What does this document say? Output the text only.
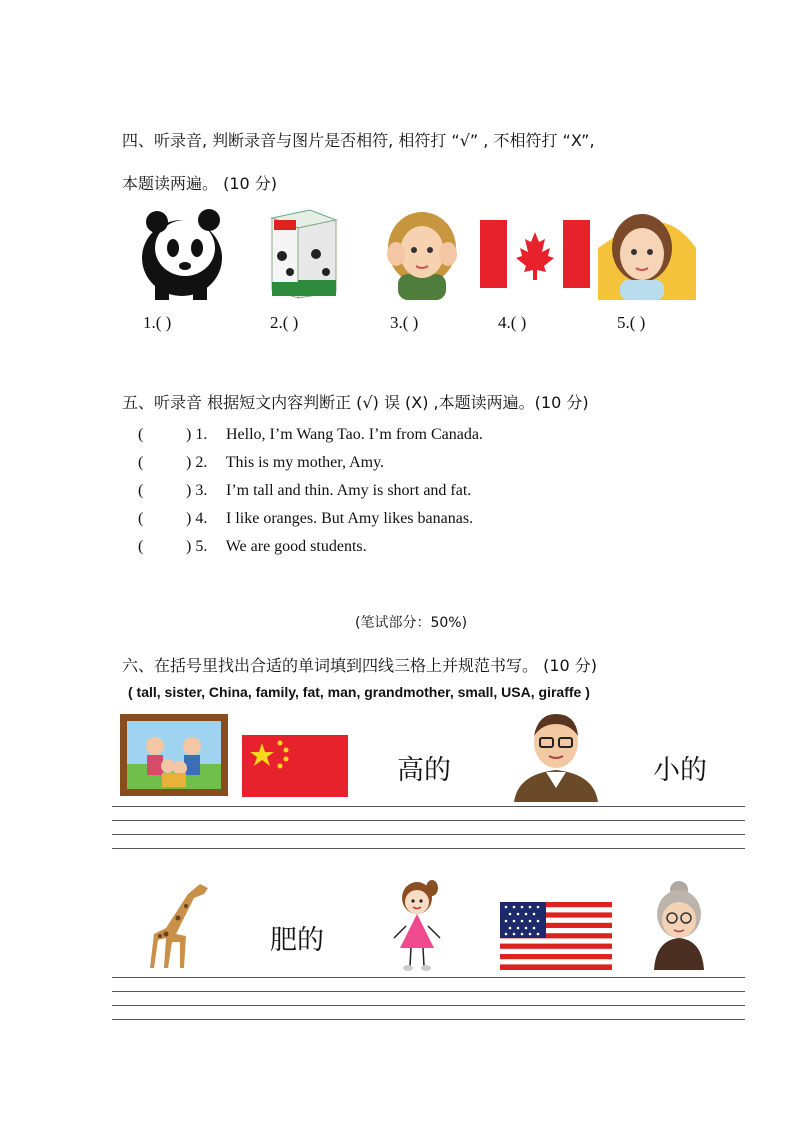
四、听录音, 判断录音与图片是否相符, 相符打 “√” , 不相符打 “X”,
本题读两遍。 (10 分)
1.( )	2.( )	3.( )	4.( )	5.( )
五、听录音 根据短文内容判断正 (√) 误 (X) ,本题读两遍。(10 分)
(	) 1. Hello, I’m Wang Tao. I’m from Canada.
(	) 2. This is my mother, Amy.
(	) 3. I’m tall and thin. Amy is short and fat.
(	) 4. I like oranges. But Amy likes bananas.
(	) 5. We are good students.
(笔试部分：50%)
六、在括号里找出合适的单词填到四线三格上并规范书写。 (10 分)
( tall, sister, China, family, fat, man, grandmother, small, USA, giraffe )
高的	小的
肥的
